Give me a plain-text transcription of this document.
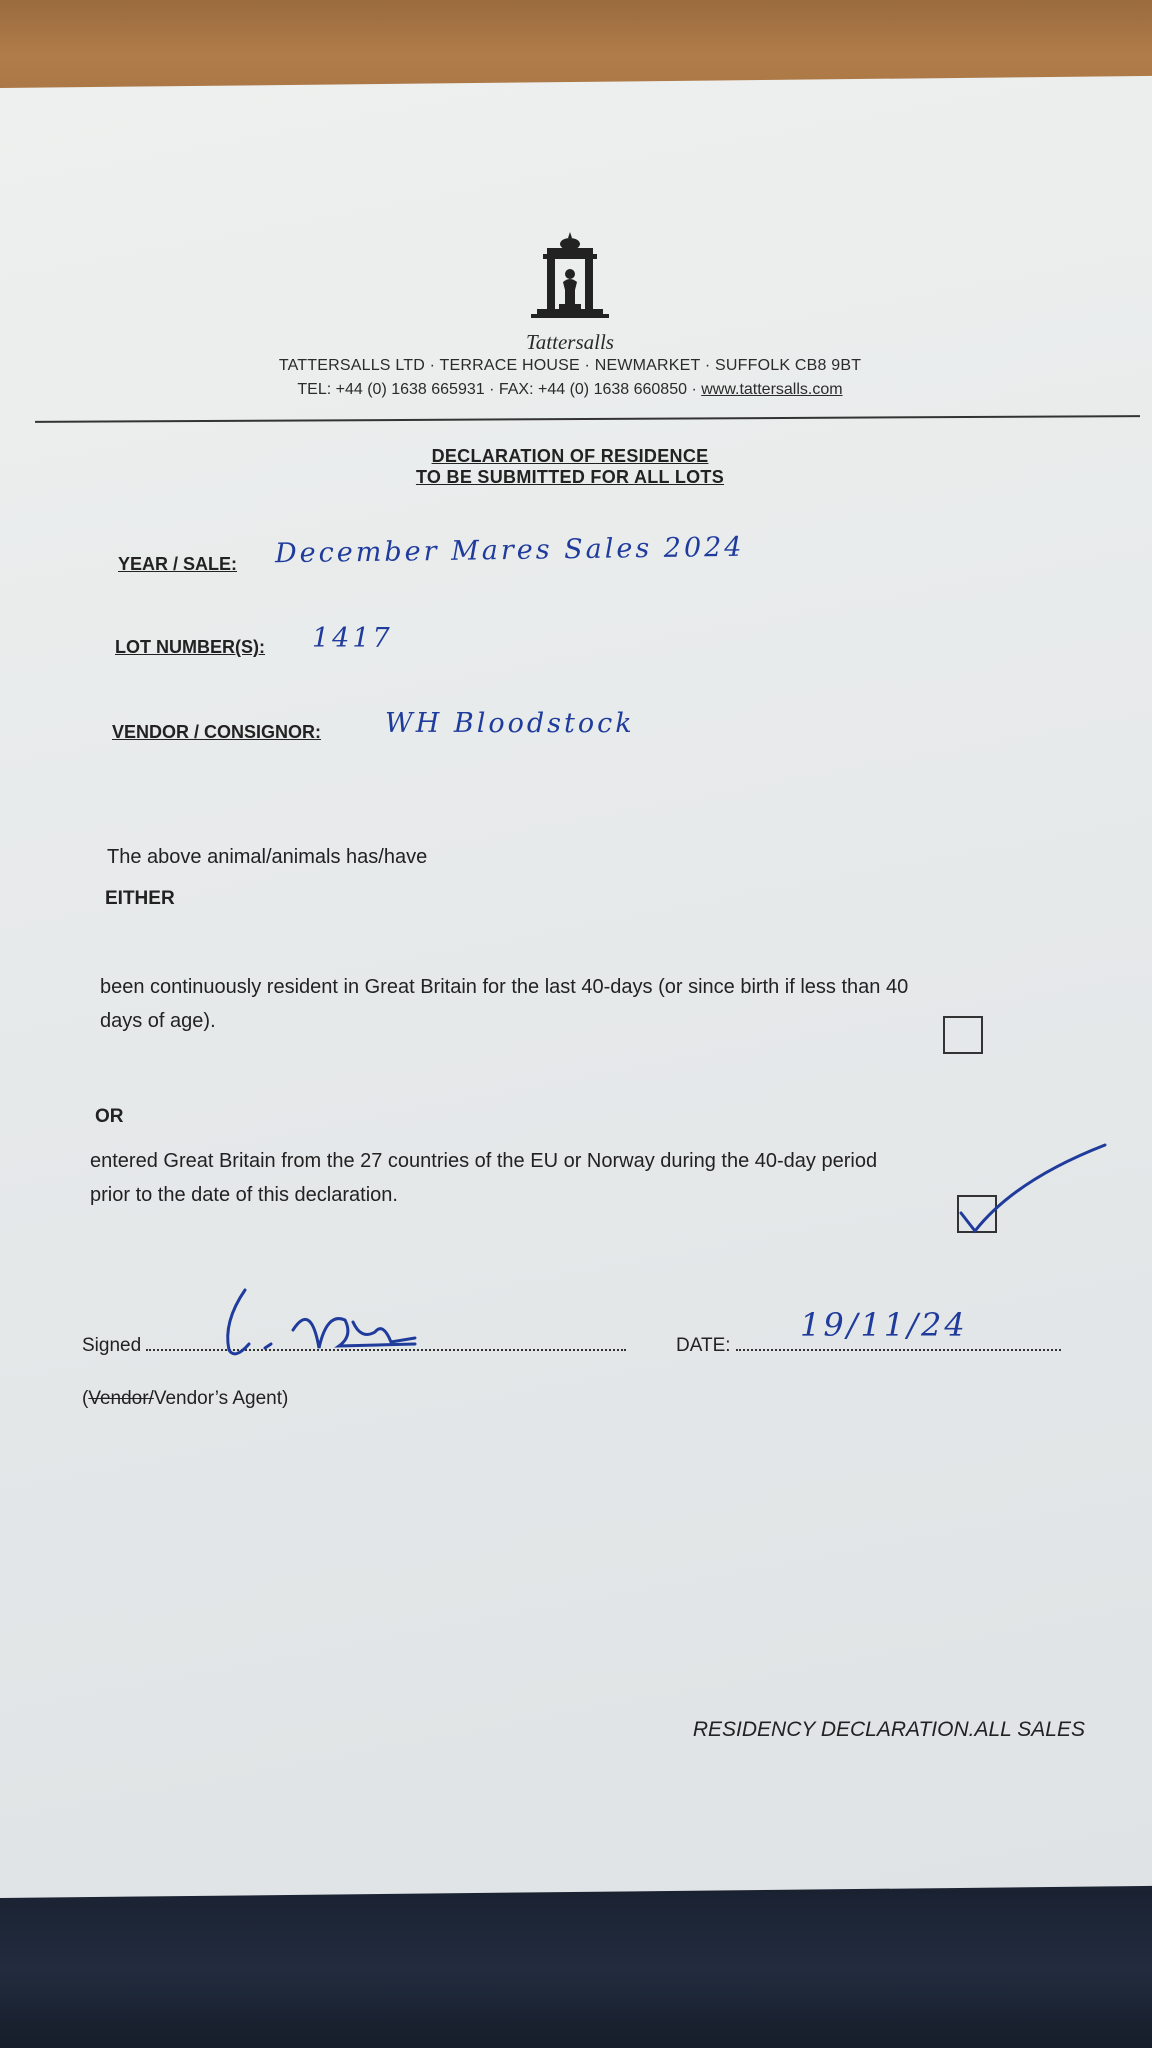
Tattersalls
TATTERSALLS LTD · TERRACE HOUSE · NEWMARKET · SUFFOLK CB8 9BT
TEL: +44 (0) 1638 665931 · FAX: +44 (0) 1638 660850 · www.tattersalls.com
DECLARATION OF RESIDENCE
TO BE SUBMITTED FOR ALL LOTS
YEAR / SALE: December Mares Sales 2024
LOT NUMBER(S): 1417
VENDOR / CONSIGNOR: WH Bloodstock
The above animal/animals has/have
EITHER
been continuously resident in Great Britain for the last 40-days (or since birth if less than 40
days of age).
OR
entered Great Britain from the 27 countries of the EU or Norway during the 40-day period
prior to the date of this declaration.
Signed	DATE:
19/11/24
(Vendor/Vendor’s Agent)
RESIDENCY DECLARATION.ALL SALES
